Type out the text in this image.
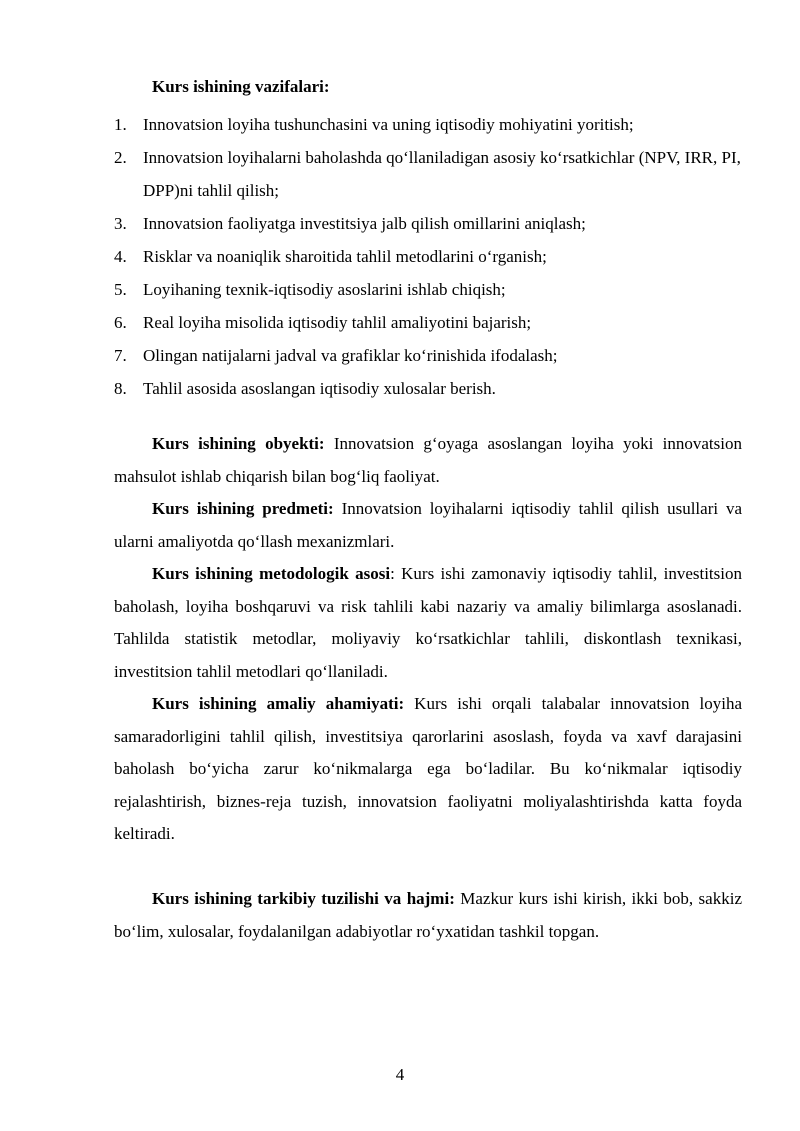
Kurs ishining vazifalari:

1. Innovatsion loyiha tushunchasini va uning iqtisodiy mohiyatini yoritish;
2. Innovatsion loyihalarni baholashda qo‘llaniladigan asosiy ko‘rsatkichlar (NPV, IRR, PI, DPP)ni tahlil qilish;
3. Innovatsion faoliyatga investitsiya jalb qilish omillarini aniqlash;
4. Risklar va noaniqlik sharoitida tahlil metodlarini o‘rganish;
5. Loyihaning texnik-iqtisodiy asoslarini ishlab chiqish;
6. Real loyiha misolida iqtisodiy tahlil amaliyotini bajarish;
7. Olingan natijalarni jadval va grafiklar ko‘rinishida ifodalash;
8. Tahlil asosida asoslangan iqtisodiy xulosalar berish.

Kurs ishining obyekti: Innovatsion g‘oyaga asoslangan loyiha yoki innovatsion mahsulot ishlab chiqarish bilan bog‘liq faoliyat.

Kurs ishining predmeti: Innovatsion loyihalarni iqtisodiy tahlil qilish usullari va ularni amaliyotda qo‘llash mexanizmlari.

Kurs ishining metodologik asosi: Kurs ishi zamonaviy iqtisodiy tahlil, investitsion baholash, loyiha boshqaruvi va risk tahlili kabi nazariy va amaliy bilimlarga asoslanadi. Tahlilda statistik metodlar, moliyaviy ko‘rsatkichlar tahlili, diskontlash texnikasi, investitsion tahlil metodlari qo‘llaniladi.

Kurs ishining amaliy ahamiyati: Kurs ishi orqali talabalar innovatsion loyiha samaradorligini tahlil qilish, investitsiya qarorlarini asoslash, foyda va xavf darajasini baholash bo‘yicha zarur ko‘nikmalarga ega bo‘ladilar. Bu ko‘nikmalar iqtisodiy rejalashtirish, biznes-reja tuzish, innovatsion faoliyatni moliyalashtirishda katta foyda keltiradi.

Kurs ishining tarkibiy tuzilishi va hajmi: Mazkur kurs ishi kirish, ikki bob, sakkiz bo‘lim, xulosalar, foydalanilgan adabiyotlar ro‘yxatidan tashkil topgan.

4
